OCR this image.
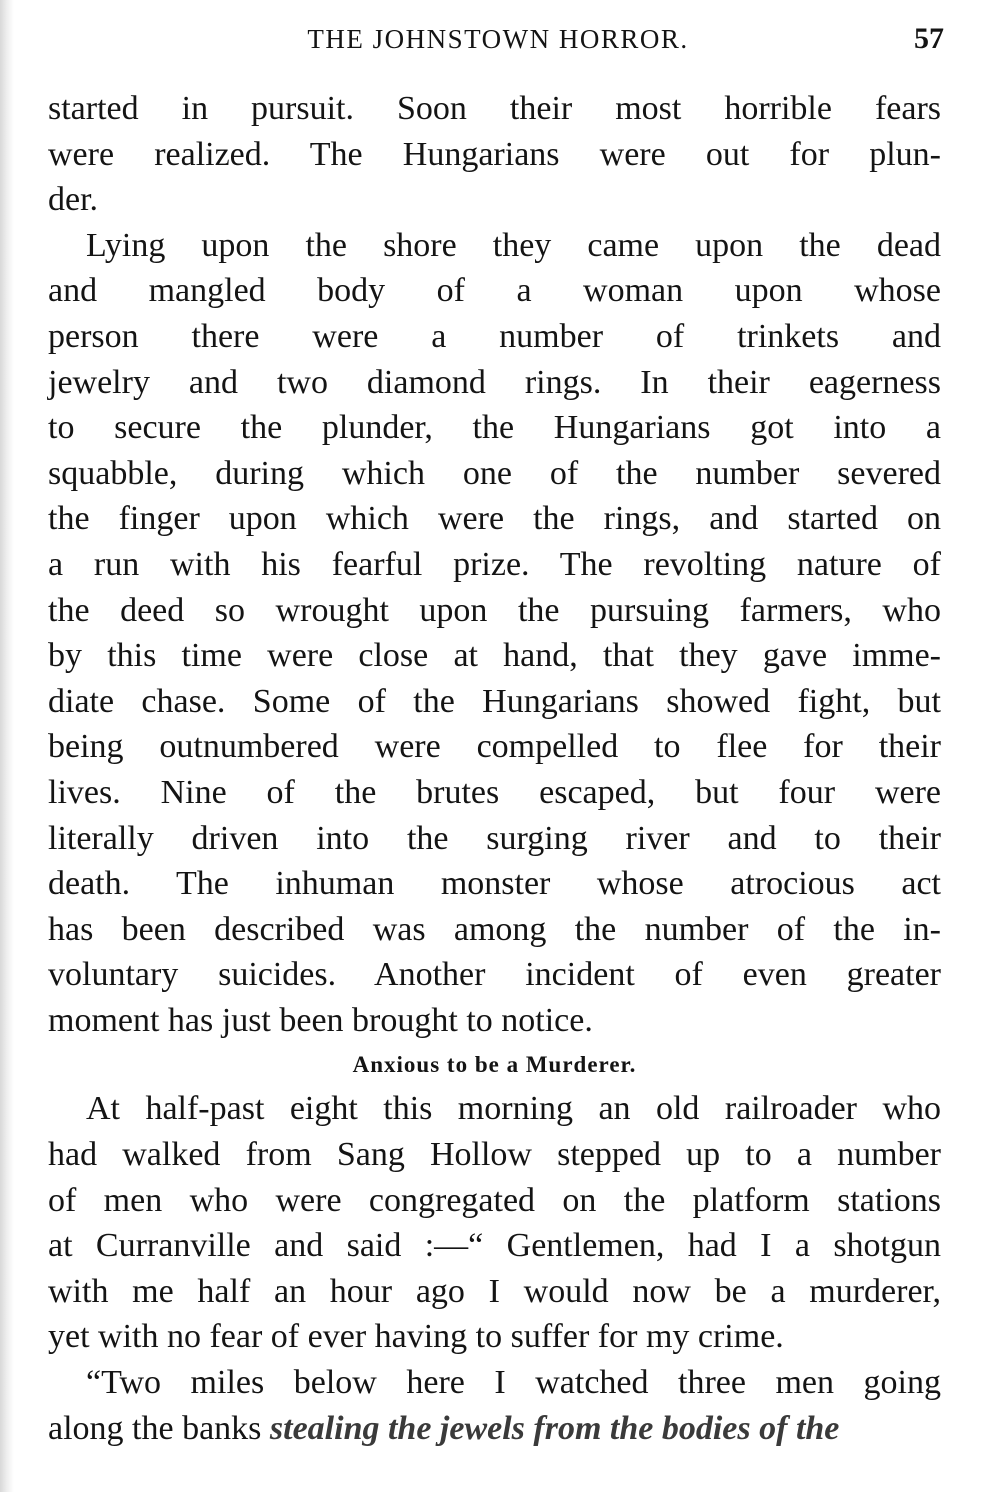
THE JOHNSTOWN HORROR.	57
started in pursuit. Soon their most horrible fears
were realized. The Hungarians were out for plun-
der.
Lying upon the shore they came upon the dead
and mangled body of a woman upon whose
person there were a number of trinkets and
jewelry and two diamond rings. In their eagerness
to secure the plunder, the Hungarians got into a
squabble, during which one of the number severed
the finger upon which were the rings, and started on
a run with his fearful prize. The revolting nature of
the deed so wrought upon the pursuing farmers, who
by this time were close at hand, that they gave imme-
diate chase. Some of the Hungarians showed fight, but
being outnumbered were compelled to flee for their
lives. Nine of the brutes escaped, but four were
literally driven into the surging river and to their
death. The inhuman monster whose atrocious act
has been described was among the number of the in-
voluntary suicides. Another incident of even greater
moment has just been brought to notice.
Anxious to be a Murderer.
At half-past eight this morning an old railroader who
had walked from Sang Hollow stepped up to a number
of men who were congregated on the platform stations
at Curranville and said :—“ Gentlemen, had I a shotgun
with me half an hour ago I would now be a murderer,
yet with no fear of ever having to suffer for my crime.
“Two miles below here I watched three men going
along the banks stealing the jewels from the bodies of the
